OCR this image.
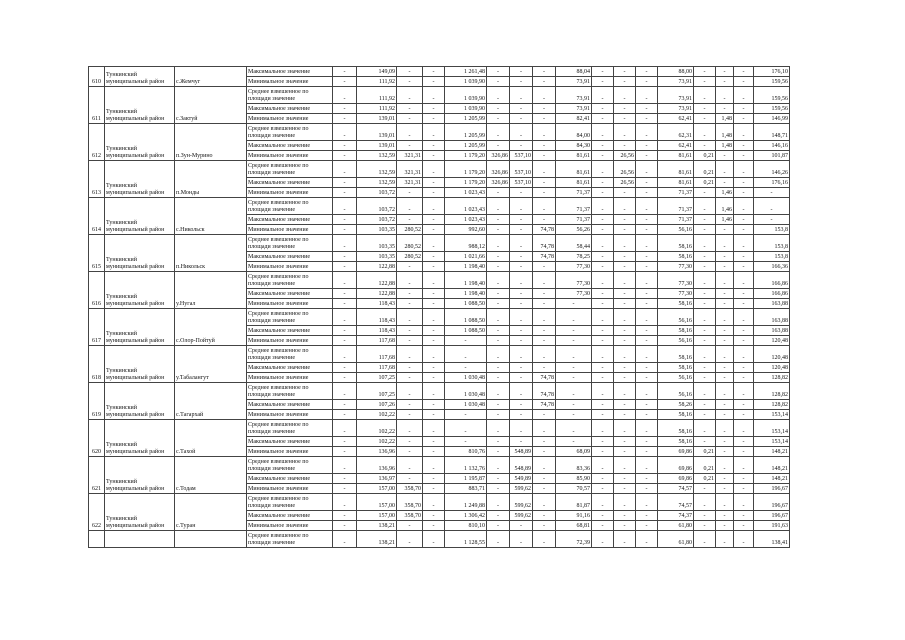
610	Тункинский муниципальный район	с.Жемчуг	Максимальное значение	-	149,09	-	-	1 261,48	-	-	-	88,04	-	-	-	88,00	-	-	-	176,10
			Минимальное значение	-	111,92	-	-	1 039,90	-	-	-	73,91	-	-	-	73,91	-	-	-	159,56
611	Тункинский муниципальный район	с.Зактуй	Среднее взвешенное по площади значение	-	111,92	-	-	1 039,90	-	-	-	73,91	-	-	-	73,91	-	-	-	159,56
			Максимальное значение	-	111,92	-	-	1 039,90	-	-	-	73,91	-	-	-	73,91	-	-	-	159,56
			Минимальное значение	-	139,01	-	-	1 205,99	-	-	-	82,41	-	-	-	62,41	-	1,48	-	146,99
612	Тункинский муниципальный район	п.Зун-Мурино	Среднее взвешенное по площади значение	-	139,01	-	-	1 205,99	-	-	-	84,00	-	-	-	62,31	-	1,48	-	148,71
			Максимальное значение	-	139,01	-	-	1 205,99	-	-	-	84,30	-	-	-	62,41	-	1,48	-	146,16
			Минимальное значение	-	132,59	321,31	-	1 179,20	326,86	537,10	-	81,61	-	26,56	-	81,61	0,21	-	-	101,87
613	Тункинский муниципальный район	п.Монды	Среднее взвешенное по площади значение	-	132,59	321,31	-	1 179,20	326,86	537,10	-	81,61	-	26,56	-	81,61	0,21	-	-	146,26
			Максимальное значение	-	132,59	321,31	-	1 179,20	326,86	537,10	-	81,61	-	26,56	-	81,61	0,21	-	-	176,16
			Минимальное значение	-	103,72	-	-	1 023,43	-	-	-	71,37	-	-	-	71,37	-	1,46	-	-
614	Тункинский муниципальный район	с.Никольск	Среднее взвешенное по площади значение	-	103,72	-	-	1 023,43	-	-	-	71,37	-	-	-	71,37	-	1,46	-	-
			Максимальное значение	-	103,72	-	-	1 023,43	-	-	-	71,37	-	-	-	71,37	-	1,46	-	-
			Минимальное значение	-	103,35	280,52	-	992,60	-	-	74,78	56,26	-	-	-	56,16	-	-	-	153,8
615	Тункинский муниципальный район	п.Никольск	Среднее взвешенное по площади значение	-	103,35	280,52	-	988,12	-	-	74,78	58,44	-	-	-	58,16	-	-	-	153,8
			Максимальное значение	-	103,35	280,52	-	1 021,66	-	-	74,78	78,25	-	-	-	58,16	-	-	-	153,8
			Минимальное значение	-	122,88	-	-	1 198,40	-	-	-	77,30	-	-	-	77,30	-	-	-	166,36
616	Тункинский муниципальный район	у.Нугал	Среднее взвешенное по площади значение	-	122,88	-	-	1 198,40	-	-	-	77,30	-	-	-	77,30	-	-	-	166,86
			Максимальное значение	-	122,88	-	-	1 198,40	-	-	-	77,30	-	-	-	77,30	-	-	-	166,86
			Минимальное значение	-	118,43	-	-	1 088,50	-	-	-	-	-	-	-	58,16	-	-	-	163,88
617	Тункинский муниципальный район	с.Олор-Пойтуй	Среднее взвешенное по площади значение	-	118,43	-	-	1 088,50	-	-	-	-	-	-	-	56,16	-	-	-	163,88
			Максимальное значение	-	118,43	-	-	1 088,50	-	-	-	-	-	-	-	58,16	-	-	-	163,88
			Минимальное значение	-	117,68	-	-	-	-	-	-	-	-	-	-	56,16	-	-	-	120,48
618	Тункинский муниципальный район	у.Табалангут	Среднее взвешенное по площади значение	-	117,68	-	-	-	-	-	-	-	-	-	-	58,16	-	-	-	120,48
			Максимальное значение	-	117,68	-	-	-	-	-	-	-	-	-	-	58,16	-	-	-	120,48
			Минимальное значение	-	107,25	-	-	1 030,48	-	-	74,78	-	-	-	-	56,16	-	-	-	128,82
619	Тункинский муниципальный район	с.Тагархай	Среднее взвешенное по площади значение	-	107,25	-	-	1 030,48	-	-	74,78	-	-	-	-	56,16	-	-	-	128,82
			Максимальное значение	-	107,26	-	-	1 030,48	-	-	74,78	-	-	-	-	58,26	-	-	-	128,82
			Минимальное значение	-	102,22	-	-	-	-	-	-	-	-	-	-	58,16	-	-	-	153,14
620	Тункинский муниципальный район	с.Тахой	Среднее взвешенное по площади значение	-	102,22	-	-	-	-	-	-	-	-	-	-	58,16	-	-	-	153,14
			Максимальное значение	-	102,22	-	-	-	-	-	-	-	-	-	-	58,16	-	-	-	153,14
			Минимальное значение	-	136,96	-	-	810,76	-	548,89	-	68,09	-	-	-	69,86	0,21	-	-	148,21
621	Тункинский муниципальный район	с.Тодам	Среднее взвешенное по площади значение	-	136,96	-	-	1 132,76	-	548,89	-	83,36	-	-	-	69,86	0,21	-	-	148,21
			Максимальное значение	-	136,97	-	-	1 195,87	-	549,89	-	85,90	-	-	-	69,86	0,21	-	-	148,21
			Минимальное значение	-	157,00	358,70	-	883,71	-	599,62	-	70,57	-	-	-	74,57	-	-	-	196,67
622	Тункинский муниципальный район	с.Туран	Среднее взвешенное по площади значение	-	157,00	358,70	-	1 249,88	-	599,62	-	81,87	-	-	-	74,57	-	-	-	196,67
			Максимальное значение	-	157,00	358,70	-	1 306,42	-	599,62	-	91,16	-	-	-	74,37	-	-	-	196,67
			Минимальное значение	-	138,21	-	-	810,10	-	-	-	68,81	-	-	-	61,80	-	-	-	191,63
			Среднее взвешенное по площади значение	-	138,21	-	-	1 128,55	-	-	-	72,39	-	-	-	61,80	-	-	-	138,41
